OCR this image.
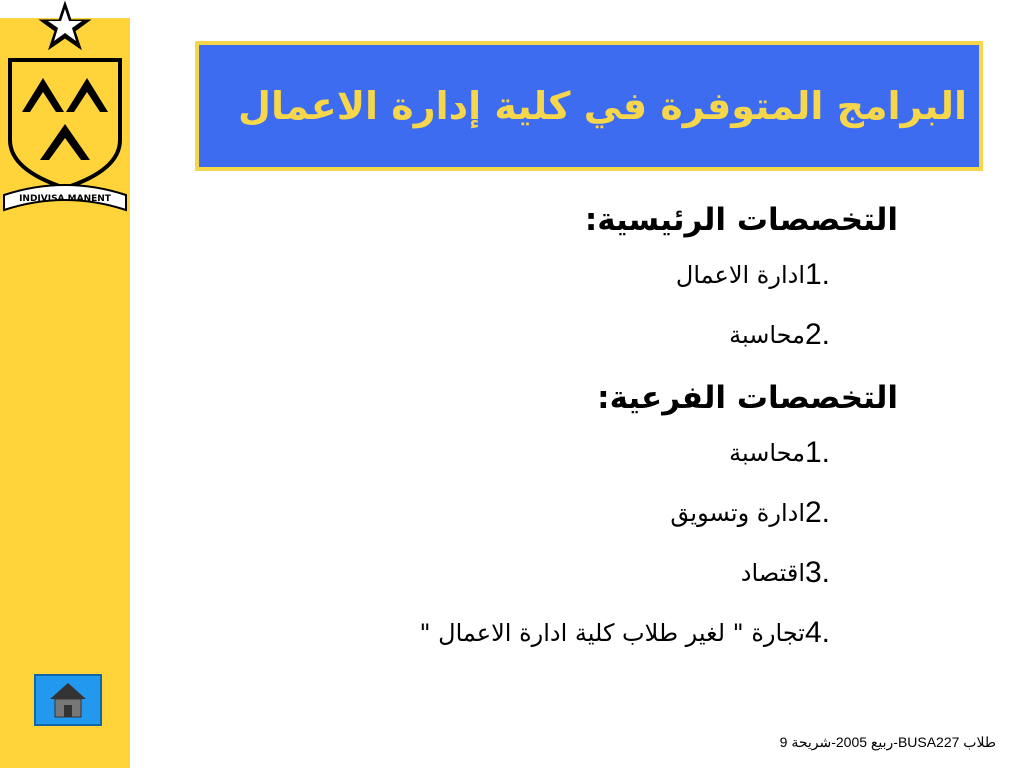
INDIVISA MANENT
البرامج المتوفرة في كلية إدارة الاعمال
التخصصات الرئيسية:
1.
ادارة الاعمال
2.
محاسبة
التخصصات الفرعية:
1.
محاسبة
2.
ادارة وتسويق
3.
اقتصاد
4.
تجارة " لغير طلاب كلية ادارة الاعمال "
طلاب BUSA227-ربيع 2005-شريحة 9
